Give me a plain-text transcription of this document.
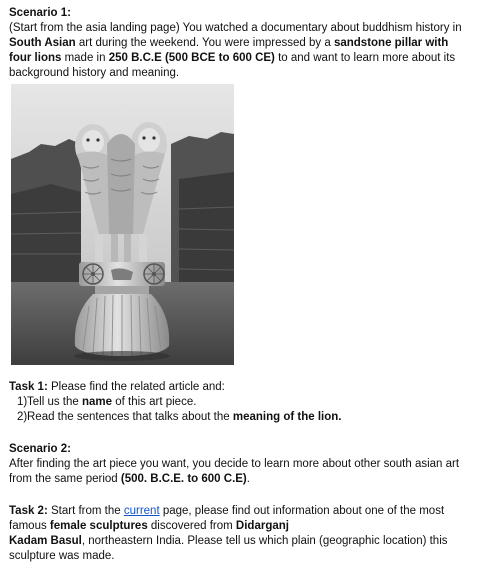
Scenario 1:

(Start from the asia landing page) You watched a documentary about buddhism history in South Asian art during the weekend. You were impressed by a sandstone pillar with four lions made in 250 B.C.E (500 BCE to 600 CE) to and want to learn more about its background history and meaning.

Task 1: Please find the related article and:

1) Tell us the name of this art piece.
2) Read the sentences that talks about the meaning of the lion.

Scenario 2:

After finding the art piece you want, you decide to learn more about other south asian art from the same period (500. B.C.E. to 600 C.E).

Task 2: Start from the current page, please find out information about one of the most famous female sculptures discovered from Didarganj
Kadam Basul, northeastern India. Please tell us which plain (geographic location) this sculpture was made.
